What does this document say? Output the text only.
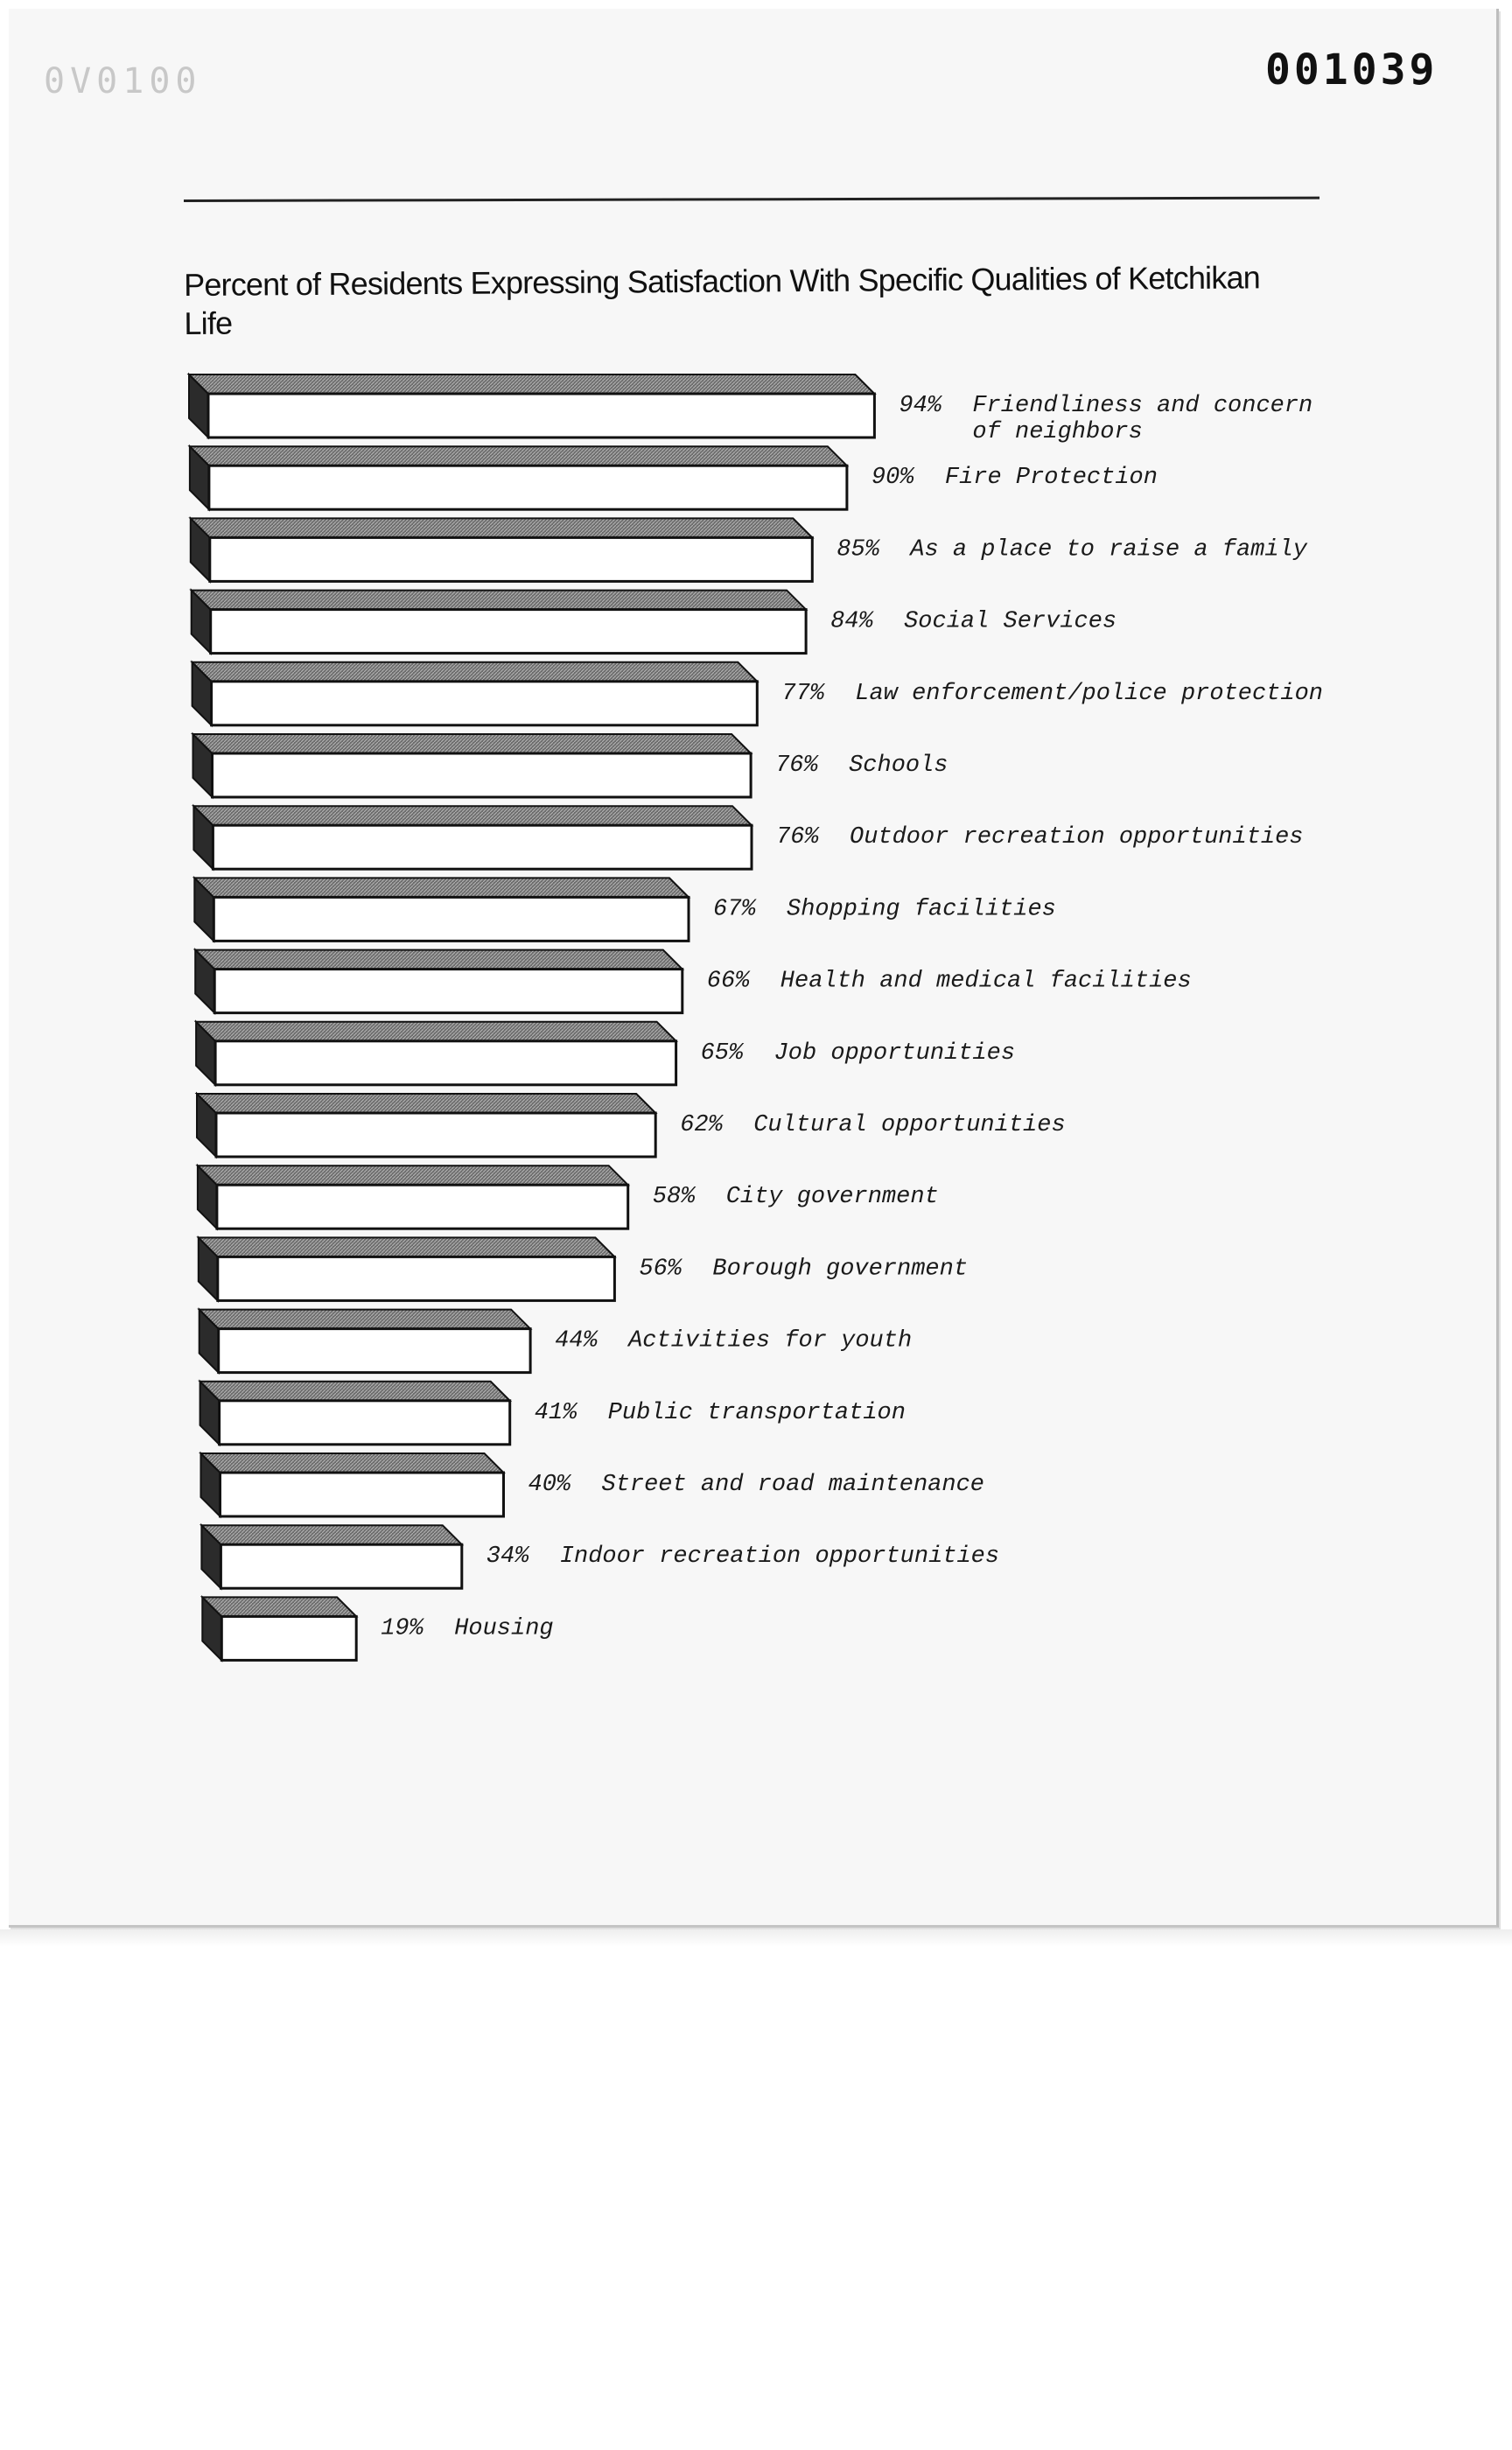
0V0100	001039
Percent of Residents Expressing Satisfaction With Specific Qualities of Ketchikan Life
94% Friendliness and concern
of neighbors
90% Fire Protection
85% As a place to raise a family
84% Social Services
77% Law enforcement/police protection
76% Schools
76% Outdoor recreation opportunities
67% Shopping facilities
66% Health and medical facilities
65% Job opportunities
62% Cultural opportunities
58% City government
56% Borough government
44% Activities for youth
41% Public transportation
40% Street and road maintenance
34% Indoor recreation opportunities
19% Housing
